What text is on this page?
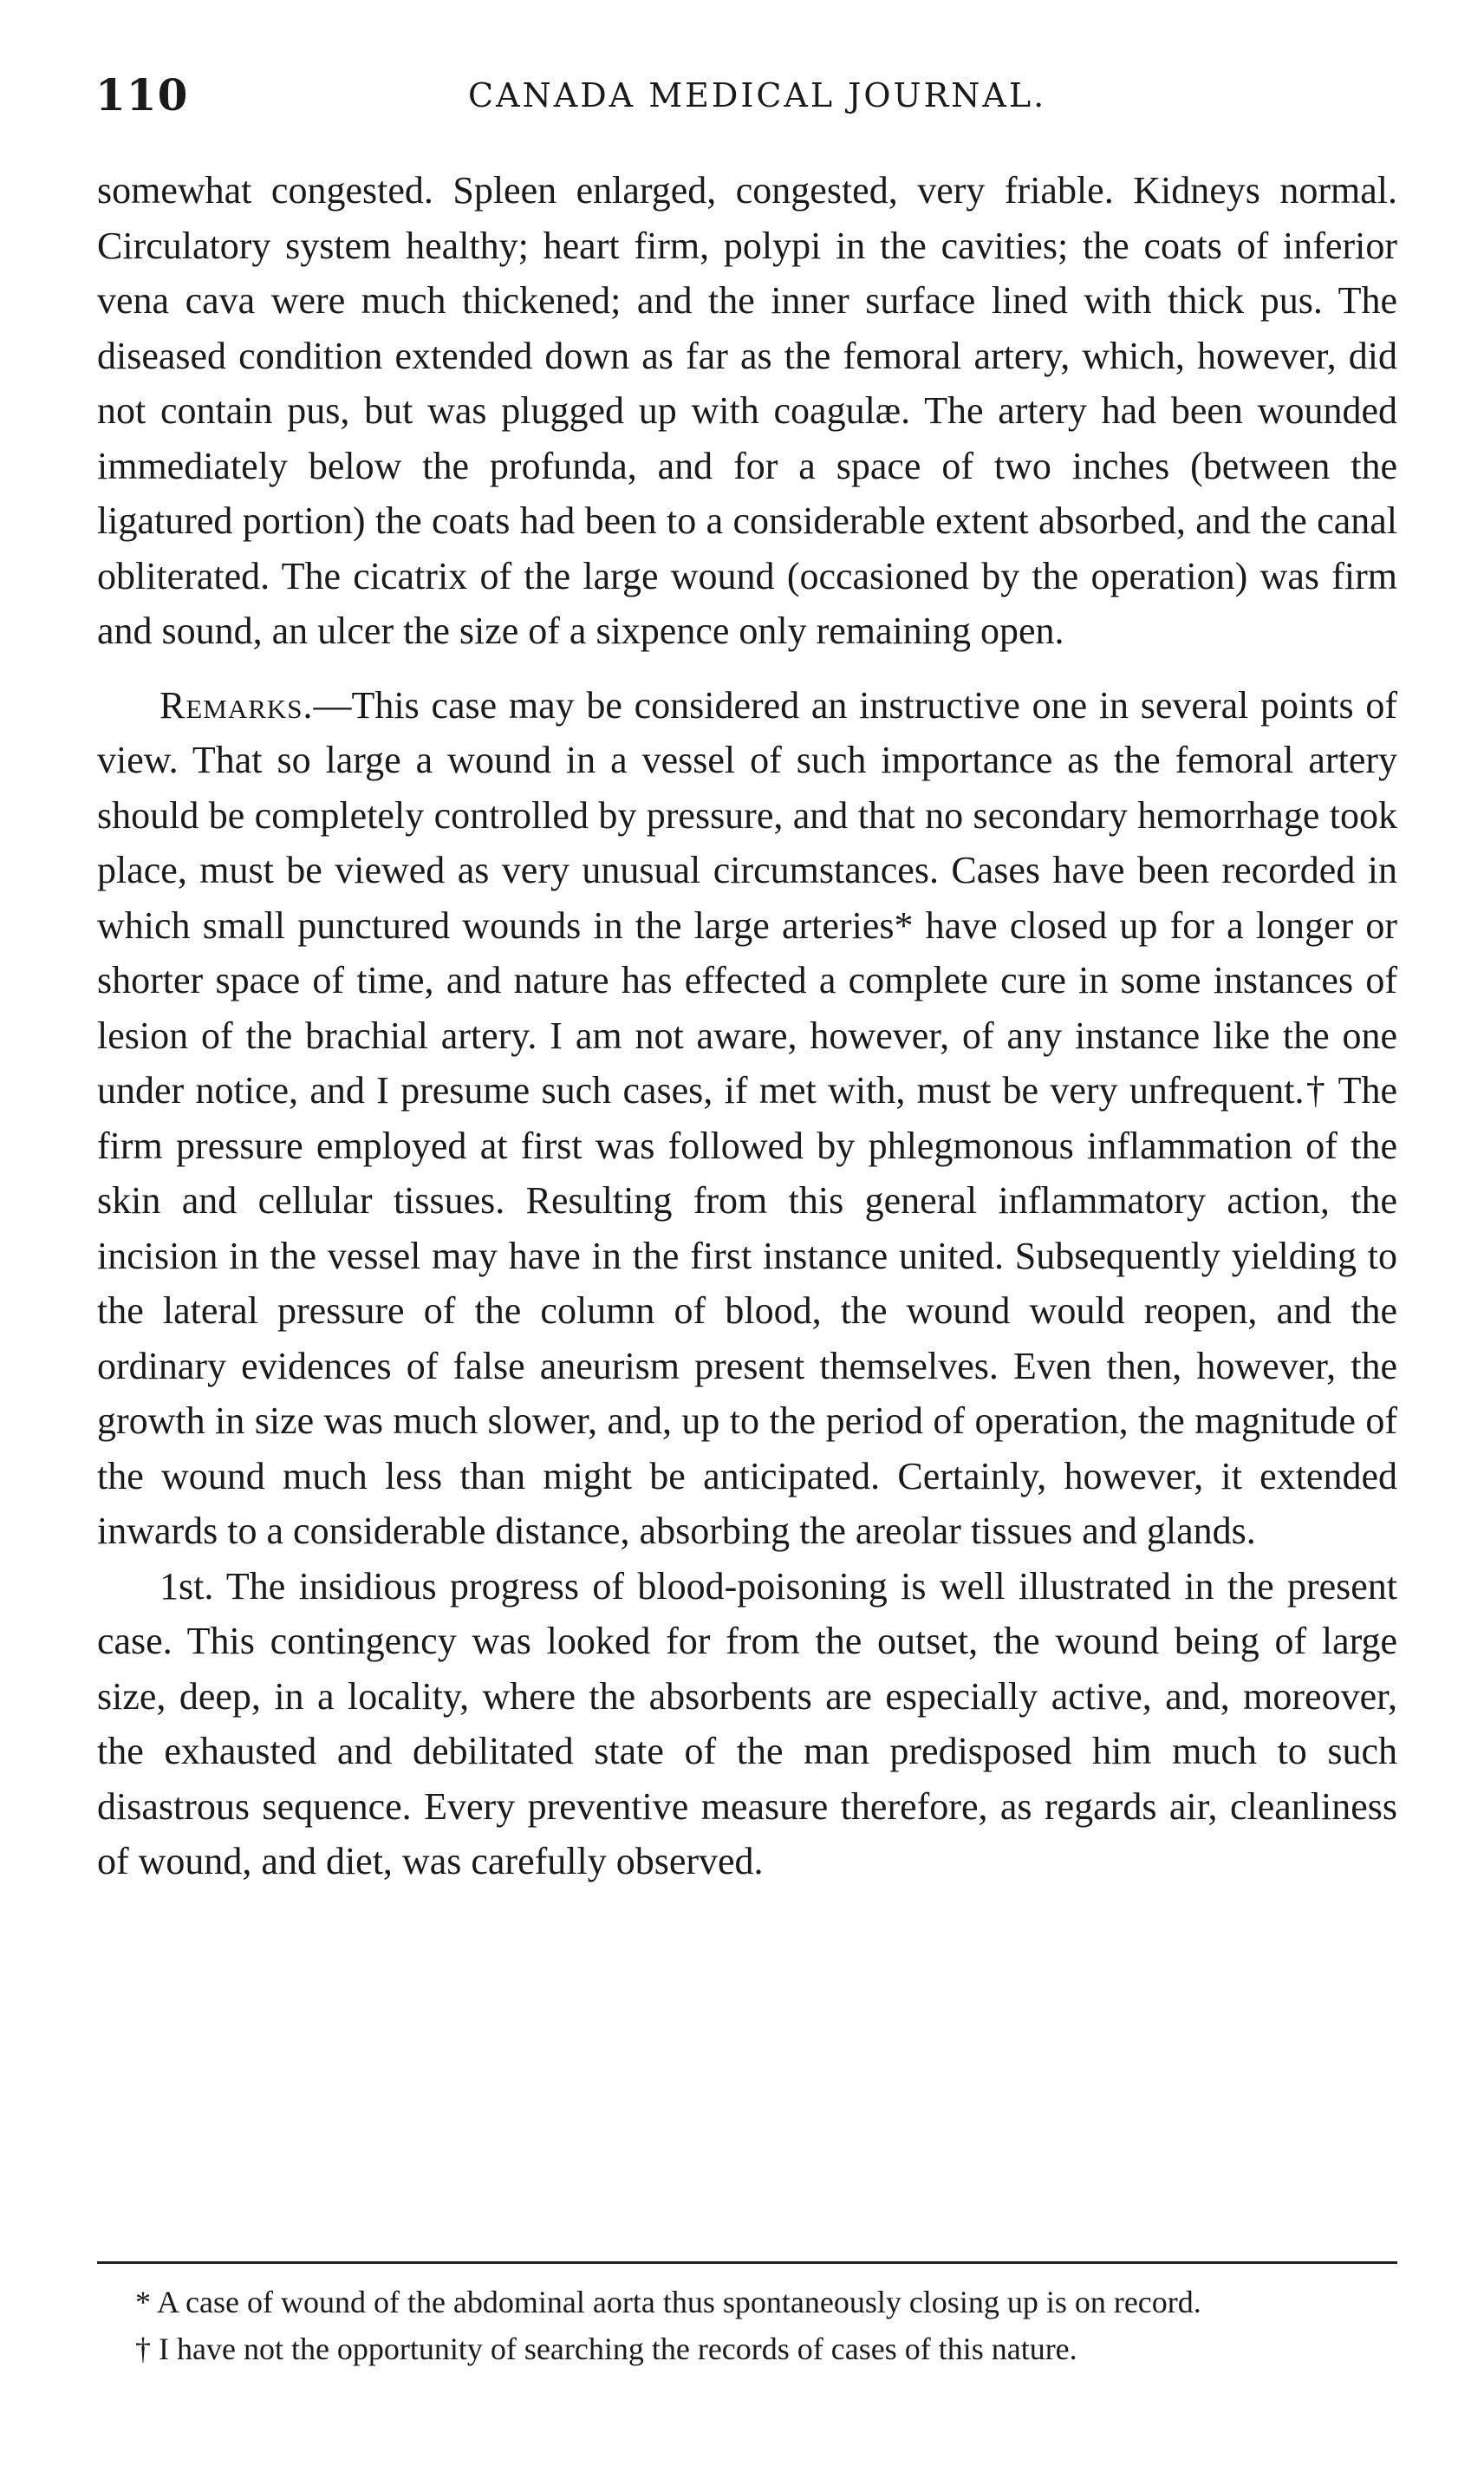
110	CANADA MEDICAL JOURNAL.

somewhat congested. Spleen enlarged, congested, very friable. Kidneys normal. Circulatory system healthy; heart firm, polypi in the cavities; the coats of inferior vena cava were much thickened; and the inner surface lined with thick pus. The diseased condition extended down as far as the femoral artery, which, however, did not contain pus, but was plugged up with coagulæ. The artery had been wounded immediately below the profunda, and for a space of two inches (between the ligatured portion) the coats had been to a considerable extent absorbed, and the canal obliterated. The cicatrix of the large wound (occasioned by the operation) was firm and sound, an ulcer the size of a sixpence only remaining open.

Remarks.—This case may be considered an instructive one in several points of view. That so large a wound in a vessel of such importance as the femoral artery should be completely controlled by pressure, and that no secondary hemorrhage took place, must be viewed as very unusual circumstances. Cases have been recorded in which small punctured wounds in the large arteries* have closed up for a longer or shorter space of time, and nature has effected a complete cure in some instances of lesion of the brachial artery. I am not aware, however, of any instance like the one under notice, and I presume such cases, if met with, must be very unfrequent.† The firm pressure employed at first was followed by phlegmonous inflammation of the skin and cellular tissues. Resulting from this general inflammatory action, the incision in the vessel may have in the first instance united. Subsequently yielding to the lateral pressure of the column of blood, the wound would reopen, and the ordinary evidences of false aneurism present themselves. Even then, however, the growth in size was much slower, and, up to the period of operation, the magnitude of the wound much less than might be anticipated. Certainly, however, it extended inwards to a considerable distance, absorbing the areolar tissues and glands.

1st. The insidious progress of blood-poisoning is well illustrated in the present case. This contingency was looked for from the outset, the wound being of large size, deep, in a locality, where the absorbents are especially active, and, moreover, the exhausted and debilitated state of the man predisposed him much to such disastrous sequence. Every preventive measure therefore, as regards air, cleanliness of wound, and diet, was carefully observed.

* A case of wound of the abdominal aorta thus spontaneously closing up is on record.

† I have not the opportunity of searching the records of cases of this nature.
